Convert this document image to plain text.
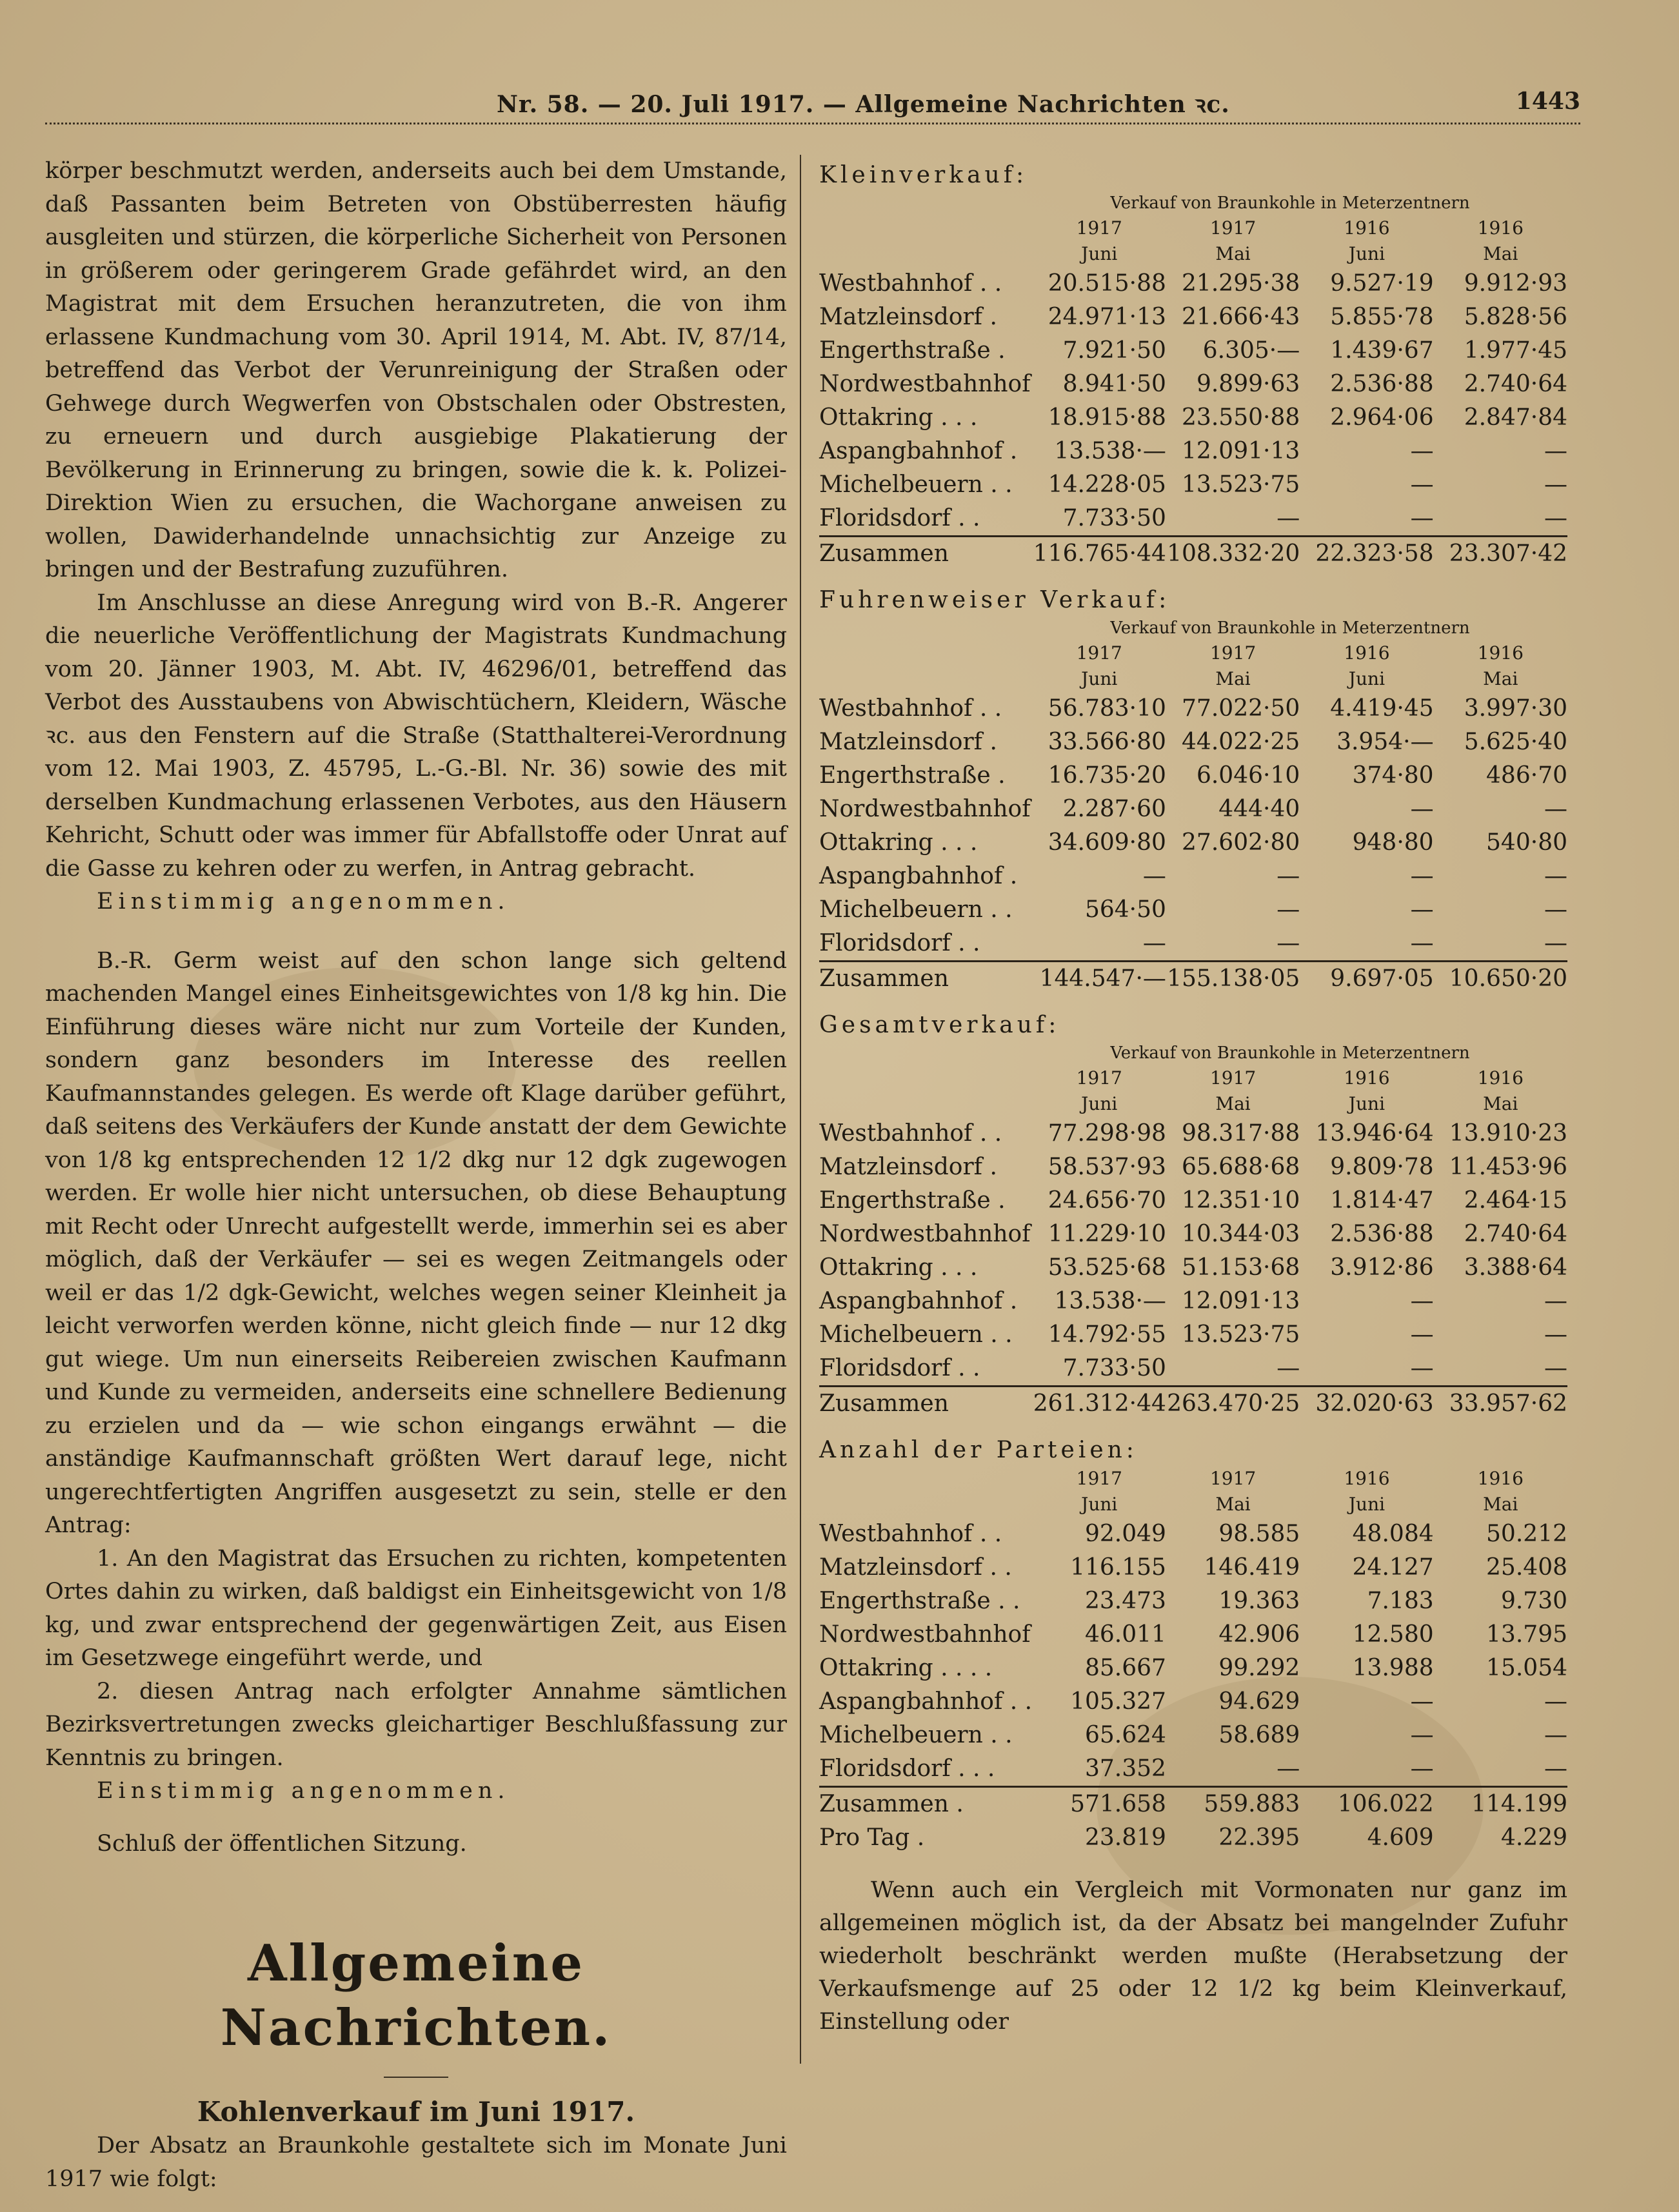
Nr. 58. — 20. Juli 1917. — Allgemeine Nachrichten ꝛc.	1443

körper beschmutzt werden, anderseits auch bei dem Umstande, daß Passanten beim Betreten von Obstüberresten häufig ausgleiten und stürzen, die körperliche Sicherheit von Personen in größerem oder geringerem Grade gefährdet wird, an den Magistrat mit dem Ersuchen heranzutreten, die von ihm erlassene Kundmachung vom 30. April 1914, M. Abt. IV, 87/14, betreffend das Verbot der Verunreinigung der Straßen oder Gehwege durch Wegwerfen von Obstschalen oder Obstresten, zu erneuern und durch ausgiebige Plakatierung der Bevölkerung in Erinnerung zu bringen, sowie die k. k. Polizei-Direktion Wien zu ersuchen, die Wachorgane anweisen zu wollen, Dawiderhandelnde unnachsichtig zur Anzeige zu bringen und der Bestrafung zuzuführen.

Im Anschlusse an diese Anregung wird von B.-R. Angerer die neuerliche Veröffentlichung der Magistrats Kundmachung vom 20. Jänner 1903, M. Abt. IV, 46296/01, betreffend das Verbot des Ausstaubens von Abwischtüchern, Kleidern, Wäsche ꝛc. aus den Fenstern auf die Straße (Statthalterei-Verordnung vom 12. Mai 1903, Z. 45795, L.-G.-Bl. Nr. 36) sowie des mit derselben Kundmachung erlassenen Verbotes, aus den Häusern Kehricht, Schutt oder was immer für Abfallstoffe oder Unrat auf die Gasse zu kehren oder zu werfen, in Antrag gebracht.

Einstimmig angenommen.

B.-R. Germ weist auf den schon lange sich geltend machenden Mangel eines Einheitsgewichtes von 1/8 kg hin. Die Einführung dieses wäre nicht nur zum Vorteile der Kunden, sondern ganz besonders im Interesse des reellen Kaufmannstandes gelegen. Es werde oft Klage darüber geführt, daß seitens des Verkäufers der Kunde anstatt der dem Gewichte von 1/8 kg entsprechenden 12 1/2 dkg nur 12 dgk zugewogen werden. Er wolle hier nicht untersuchen, ob diese Behauptung mit Recht oder Unrecht aufgestellt werde, immerhin sei es aber möglich, daß der Verkäufer — sei es wegen Zeitmangels oder weil er das 1/2 dgk-Gewicht, welches wegen seiner Kleinheit ja leicht verworfen werden könne, nicht gleich finde — nur 12 dkg gut wiege. Um nun einerseits Reibereien zwischen Kaufmann und Kunde zu vermeiden, anderseits eine schnellere Bedienung zu erzielen und da — wie schon eingangs erwähnt — die anständige Kaufmannschaft größten Wert darauf lege, nicht ungerechtfertigten Angriffen ausgesetzt zu sein, stelle er den Antrag:

1. An den Magistrat das Ersuchen zu richten, kompetenten Ortes dahin zu wirken, daß baldigst ein Einheitsgewicht von 1/8 kg, und zwar entsprechend der gegenwärtigen Zeit, aus Eisen im Gesetzwege eingeführt werde, und

2. diesen Antrag nach erfolgter Annahme sämtlichen Bezirksvertretungen zwecks gleichartiger Beschlußfassung zur Kenntnis zu bringen.

Einstimmig angenommen.

Schluß der öffentlichen Sitzung.

Allgemeine Nachrichten.
Kohlenverkauf im Juni 1917.

Der Absatz an Braunkohle gestaltete sich im Monate Juni 1917 wie folgt:

Kleinverkauf:
Verkauf von Braunkohle in Meterzentnern
	1917	1917	1916	1916
	Juni	Mai	Juni	Mai
Westbahnhof . .	20.515·88	21.295·38	9.527·19	9.912·93
Matzleinsdorf .	24.971·13	21.666·43	5.855·78	5.828·56
Engerthstraße .	7.921·50	6.305·—	1.439·67	1.977·45
Nordwestbahnhof	8.941·50	9.899·63	2.536·88	2.740·64
Ottakring . . .	18.915·88	23.550·88	2.964·06	2.847·84
Aspangbahnhof .	13.538·—	12.091·13	—	—
Michelbeuern . .	14.228·05	13.523·75	—	—
Floridsdorf . .	7.733·50	—	—	—
Zusammen	116.765·44	108.332·20	22.323·58	23.307·42
Fuhrenweiser Verkauf:
Verkauf von Braunkohle in Meterzentnern
	1917	1917	1916	1916
	Juni	Mai	Juni	Mai
Westbahnhof . .	56.783·10	77.022·50	4.419·45	3.997·30
Matzleinsdorf .	33.566·80	44.022·25	3.954·—	5.625·40
Engerthstraße .	16.735·20	6.046·10	374·80	486·70
Nordwestbahnhof	2.287·60	444·40	—	—
Ottakring . . .	34.609·80	27.602·80	948·80	540·80
Aspangbahnhof .	—	—	—	—
Michelbeuern . .	564·50	—	—	—
Floridsdorf . .	—	—	—	—
Zusammen	144.547·—	155.138·05	9.697·05	10.650·20
Gesamtverkauf:
Verkauf von Braunkohle in Meterzentnern
	1917	1917	1916	1916
	Juni	Mai	Juni	Mai
Westbahnhof . .	77.298·98	98.317·88	13.946·64	13.910·23
Matzleinsdorf .	58.537·93	65.688·68	9.809·78	11.453·96
Engerthstraße .	24.656·70	12.351·10	1.814·47	2.464·15
Nordwestbahnhof	11.229·10	10.344·03	2.536·88	2.740·64
Ottakring . . .	53.525·68	51.153·68	3.912·86	3.388·64
Aspangbahnhof .	13.538·—	12.091·13	—	—
Michelbeuern . .	14.792·55	13.523·75	—	—
Floridsdorf . .	7.733·50	—	—	—
Zusammen	261.312·44	263.470·25	32.020·63	33.957·62
Anzahl der Parteien:
	1917	1917	1916	1916
	Juni	Mai	Juni	Mai
Westbahnhof . .	92.049	98.585	48.084	50.212
Matzleinsdorf . .	116.155	146.419	24.127	25.408
Engerthstraße . .	23.473	19.363	7.183	9.730
Nordwestbahnhof	46.011	42.906	12.580	13.795
Ottakring . . . .	85.667	99.292	13.988	15.054
Aspangbahnhof . .	105.327	94.629	—	—
Michelbeuern . .	65.624	58.689	—	—
Floridsdorf . . .	37.352	—	—	—
Zusammen .	571.658	559.883	106.022	114.199
Pro Tag .	23.819	22.395	4.609	4.229

Wenn auch ein Vergleich mit Vormonaten nur ganz im allgemeinen möglich ist, da der Absatz bei mangelnder Zufuhr wiederholt beschränkt werden mußte (Herabsetzung der Verkaufsmenge auf 25 oder 12 1/2 kg beim Kleinverkauf, Einstellung oder
